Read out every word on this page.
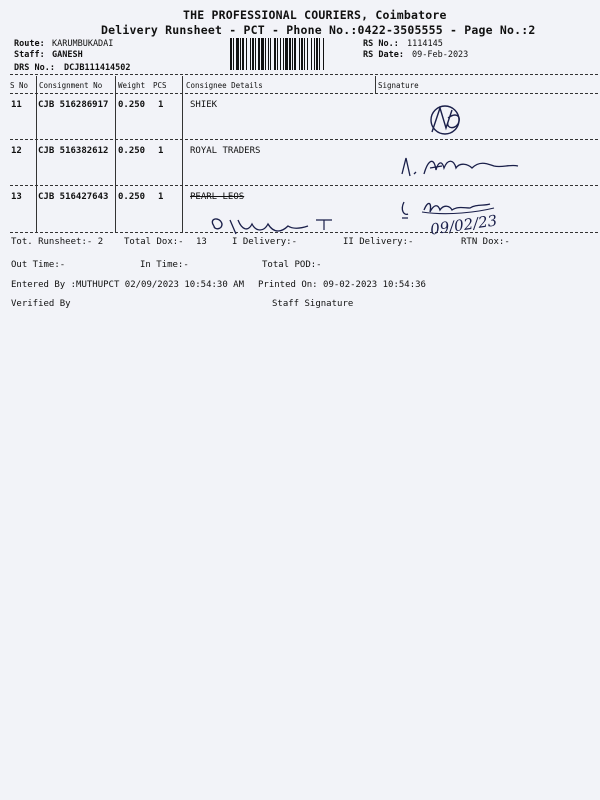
THE PROFESSIONAL COURIERS, Coimbatore
Delivery Runsheet - PCT - Phone No.:0422-3505555 - Page No.:2
Route: KARUMBUKADAI
Staff: GANESH
DRS No.: DCJB111414502
RS No.: 1114145
RS Date: 09-Feb-2023
S No Consignment No Weight PCS	Consignee Details	Signature
11 CJB 516286917 0.250 1	SHIEK
12 CJB 516382612 0.250 1	ROYAL TRADERS
13 CJB 516427643 0.250 1	PEARL LEOS
09/02/23
Tot. Runsheet:- 2 Total Dox:- 13	I Delivery:-	II Delivery:-	RTN Dox:-
Out Time:-	In Time:-	Total POD:-
Entered By :MUTHUPCT 02/09/2023 10:54:30 AM Printed On: 09-02-2023 10:54:36
Verified By	Staff Signature
